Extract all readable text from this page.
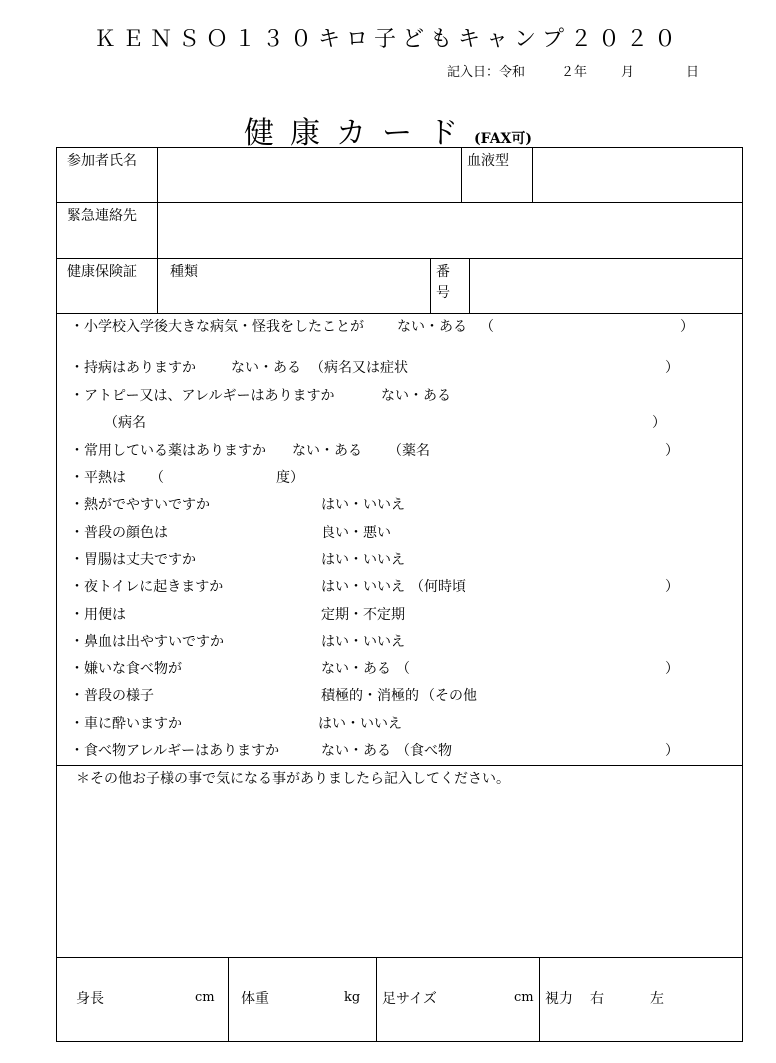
ＫＥＮＳＯ１３０キロ子どもキャンプ２０２０
記入日：令和	２年	月	日
健康カード(FAX可)
参加者氏名	血液型
緊急連絡先
健康保険証 種類	番
号
・小学校入学後大きな病気・怪我をしたことが ない・ある （	）
・持病はありますか	ない・ある （病名又は症状	）
・アトピー又は、アレルギーはありますか	ない・ある
（病名	）
・常用している薬はありますか ない・ある （薬名	）
・平熱は （	度）
・熱がでやすいですか	はい・いいえ
・普段の顔色は	良い・悪い
・胃腸は丈夫ですか	はい・いいえ
・夜トイレに起きますか	はい・いいえ （何時頃	）
・用便は	定期・不定期
・鼻血は出やすいですか	はい・いいえ
・嫌いな食べ物が	ない・ある （	）
・普段の様子	積極的・消極的 （その他
・車に酔いますか	はい・いいえ
・食べ物アレルギーはありますか	ない・ある （食べ物	）
＊その他お子様の事で気になる事がありましたら記入してください。
身長	cm 体重	kg 足サイズ	cm 視力 右	左
